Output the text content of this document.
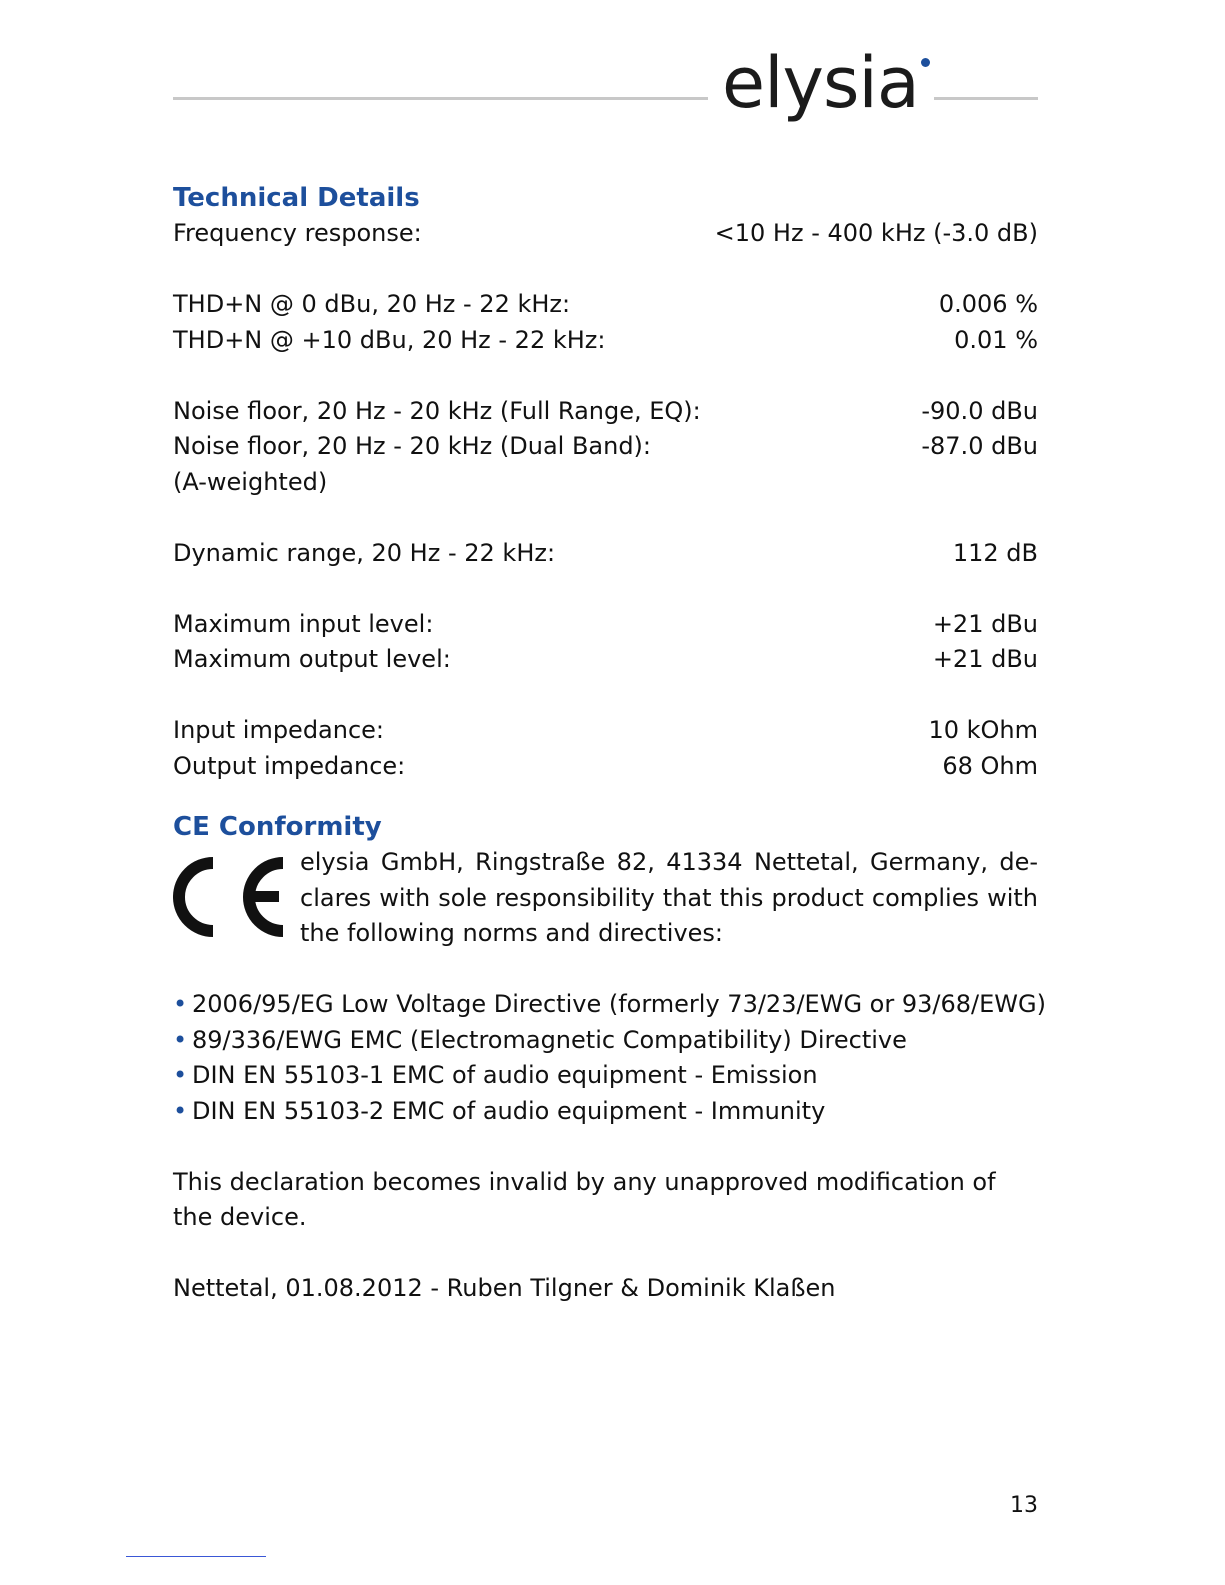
elysia
Technical Details
Frequency response:	<10 Hz - 400 kHz (-3.0 dB)
THD+N @ 0 dBu, 20 Hz - 22 kHz:	0.006 %
THD+N @ +10 dBu, 20 Hz - 22 kHz:	0.01 %
Noise floor, 20 Hz - 20 kHz (Full Range, EQ):	-90.0 dBu
Noise floor, 20 Hz - 20 kHz (Dual Band):	-87.0 dBu
(A-weighted)
Dynamic range, 20 Hz - 22 kHz:	112 dB
Maximum input level:	+21 dBu
Maximum output level:	+21 dBu
Input impedance:	10 kOhm
Output impedance:	68 Ohm
CE Conformity
elysia GmbH, Ringstraße 82, 41334 Nettetal, Germany, de-clares with sole responsibility that this product complies with the following norms and directives:
• 2006/95/EG Low Voltage Directive (formerly 73/23/EWG or 93/68/EWG)
• 89/336/EWG EMC (Electromagnetic Compatibility) Directive
• DIN EN 55103-1 EMC of audio equipment - Emission
• DIN EN 55103-2 EMC of audio equipment - Immunity

This declaration becomes invalid by any unapproved modification of the device.

Nettetal, 01.08.2012 - Ruben Tilgner & Dominik Klaßen

13
